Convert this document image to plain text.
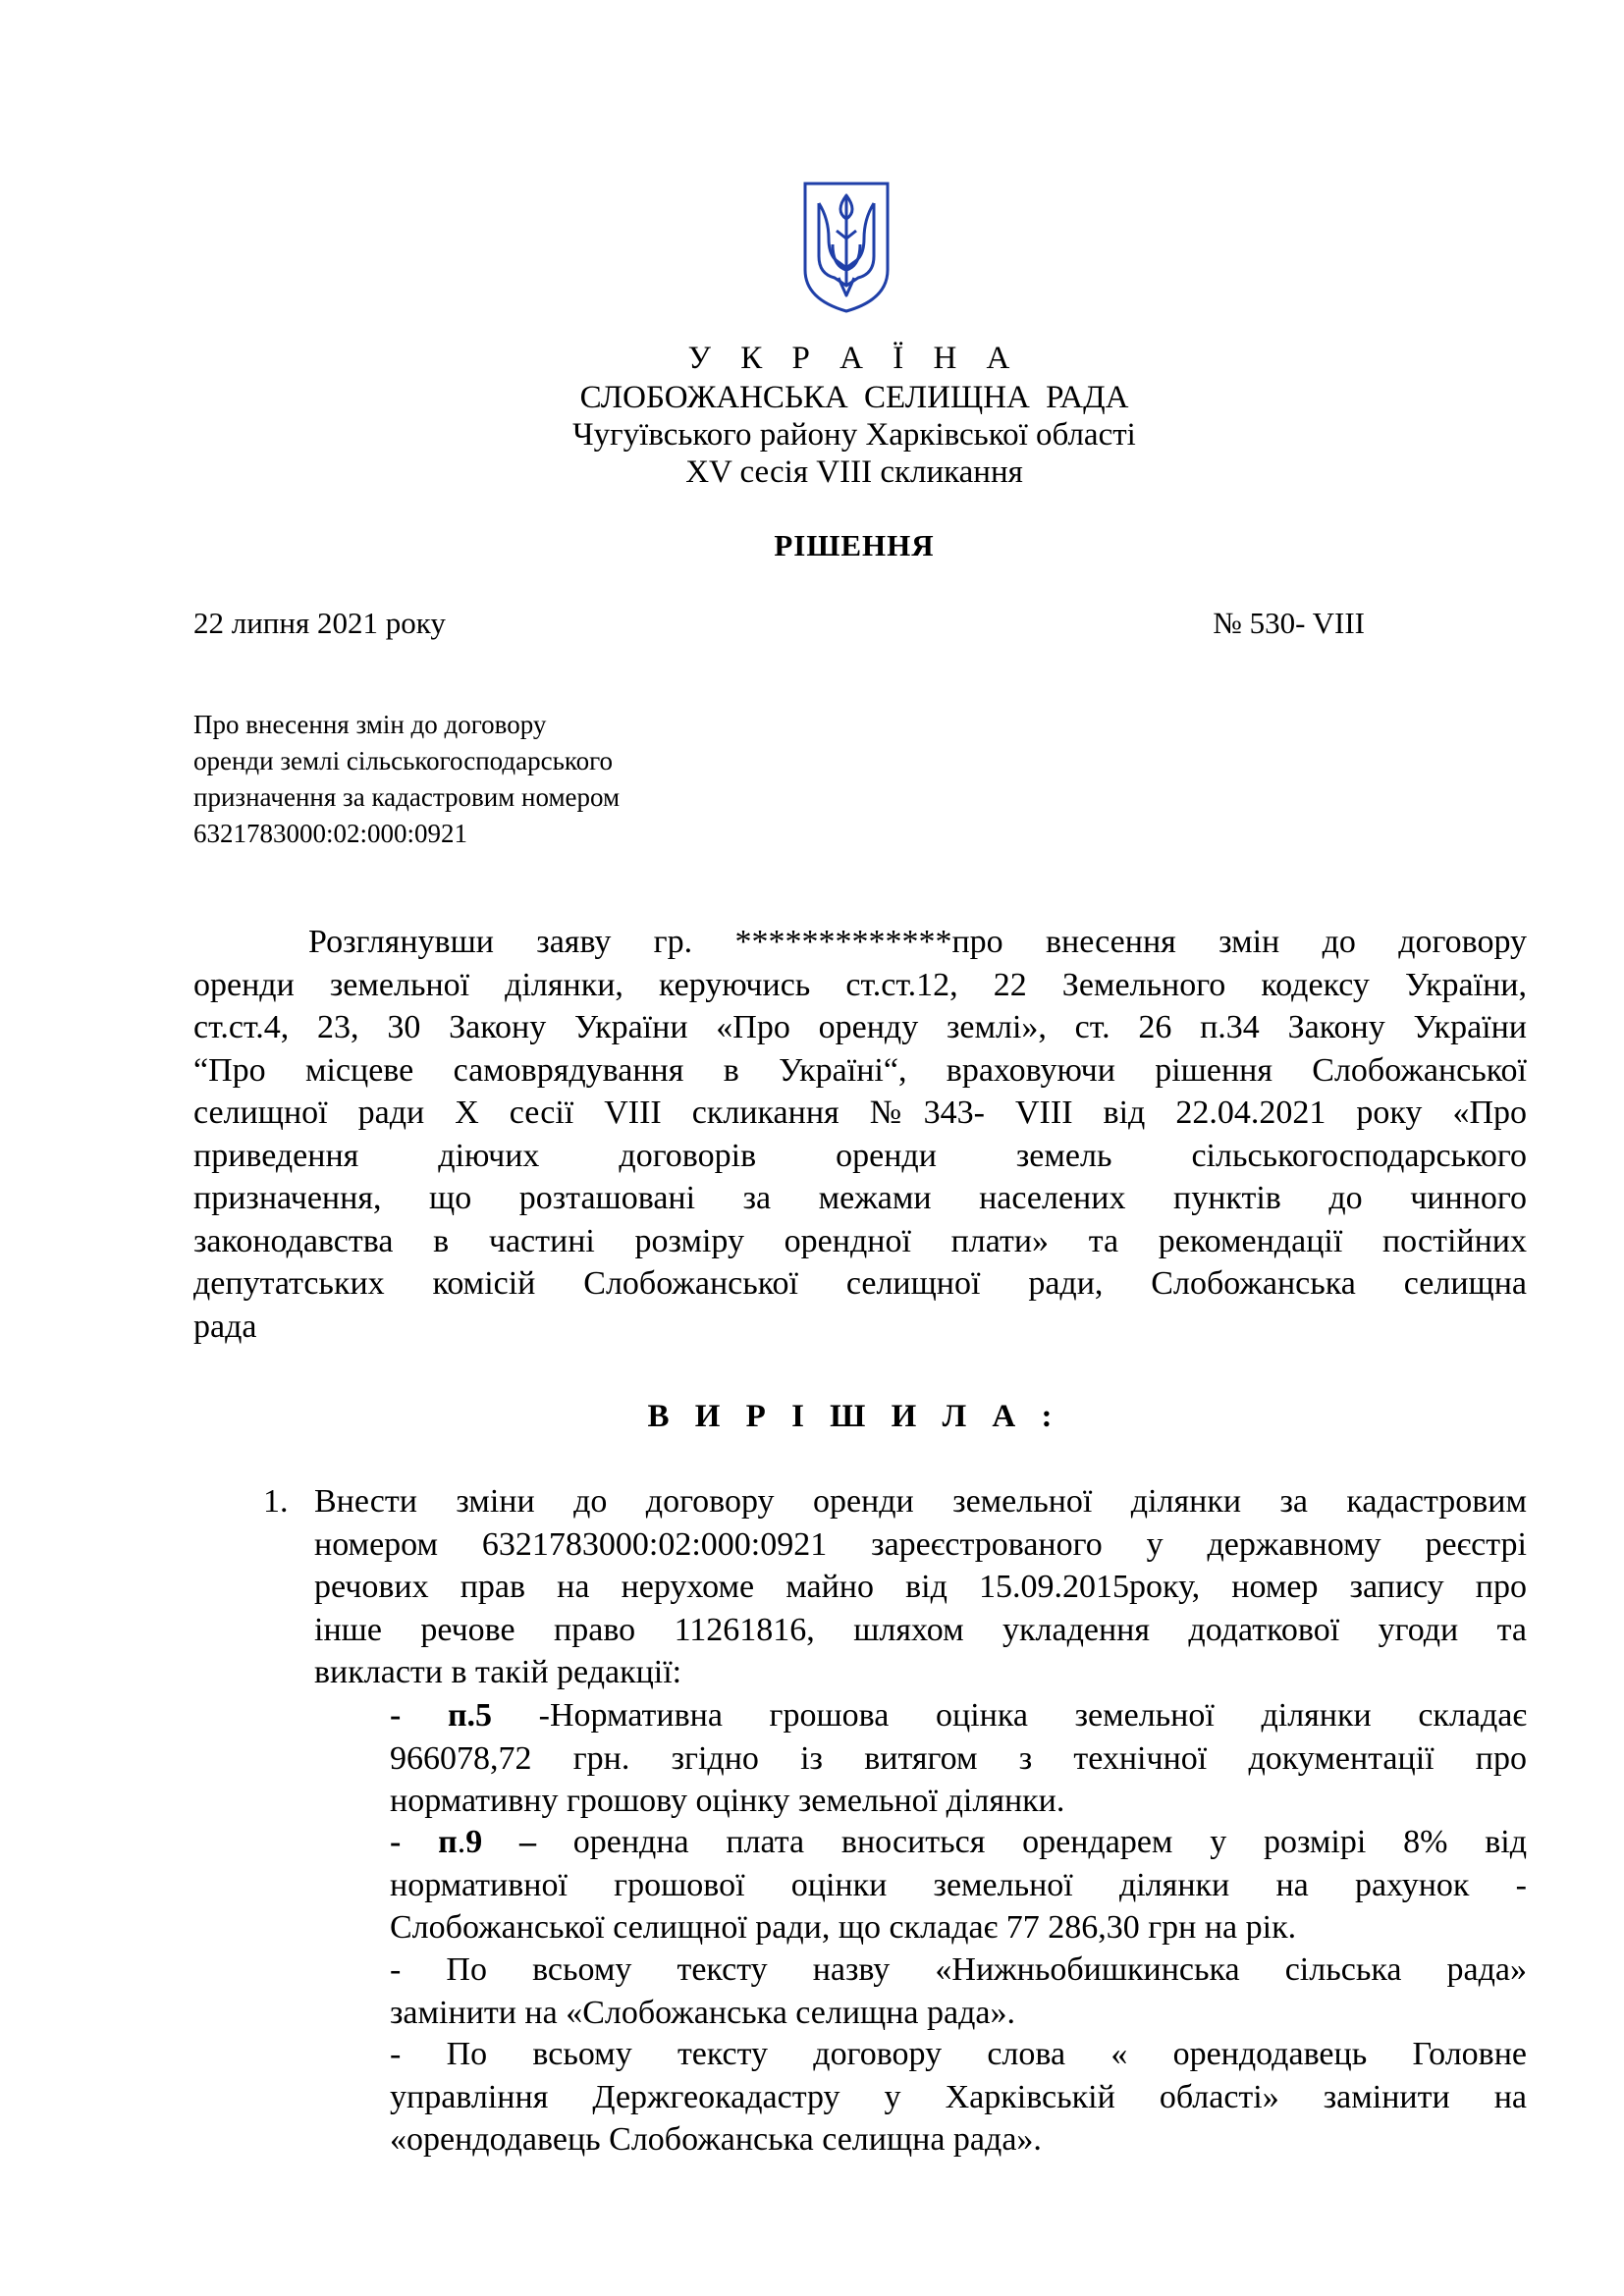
У К Р А Ї Н А
СЛОБОЖАНСЬКА СЕЛИЩНА РАДА
Чугуївського району Харківської області
XV сесія VIII скликання
РІШЕННЯ
22 липня 2021 року	№ 530- VIII
Про внесення змін до договору
оренди землі сільськогосподарського
призначення за кадастровим номером
6321783000:02:000:0921
Розглянувши заяву гр. *************про внесення змін до договору
оренди земельної ділянки, керуючись ст.ст.12, 22 Земельного кодексу України,
ст.ст.4, 23, 30 Закону України «Про оренду землі», ст. 26 п.34 Закону України
“Про місцеве самоврядування в Україні“, враховуючи рішення Слобожанської
селищної ради X сесії VIII скликання №343- VIII від 22.04.2021 року «Про
приведення діючих договорів оренди земель сільськогосподарського
призначення, що розташовані за межами населених пунктів до чинного
законодавства в частині розміру орендної плати» та рекомендації постійних
депутатських комісій Слобожанської селищної ради, Слобожанська селищна
рада
В И Р І Ш И Л А :
1. Внести зміни до договору оренди земельної ділянки за кадастровим
номером 6321783000:02:000:0921 зареєстрованого у державному реєстрі
речових прав на нерухоме майно від 15.09.2015року, номер запису про
інше речове право 11261816, шляхом укладення додаткової угоди та
викласти в такій редакції:
- п.5 -Нормативна грошова оцінка земельної ділянки складає
966078,72 грн. згідно із витягом з технічної документації про
нормативну грошову оцінку земельної ділянки.
- п.9 – орендна плата вноситься орендарем у розмірі 8% від
нормативної грошової оцінки земельної ділянки на рахунок -
Слобожанської селищної ради, що складає 77 286,30 грн на рік.
- По всьому тексту назву «Нижньобишкинська сільська рада»
замінити на «Слобожанська селищна рада».
- По всьому тексту договору слова « орендодавець Головне
управління Держгеокадастру у Харківській області» замінити на
«орендодавець Слобожанська селищна рада».
